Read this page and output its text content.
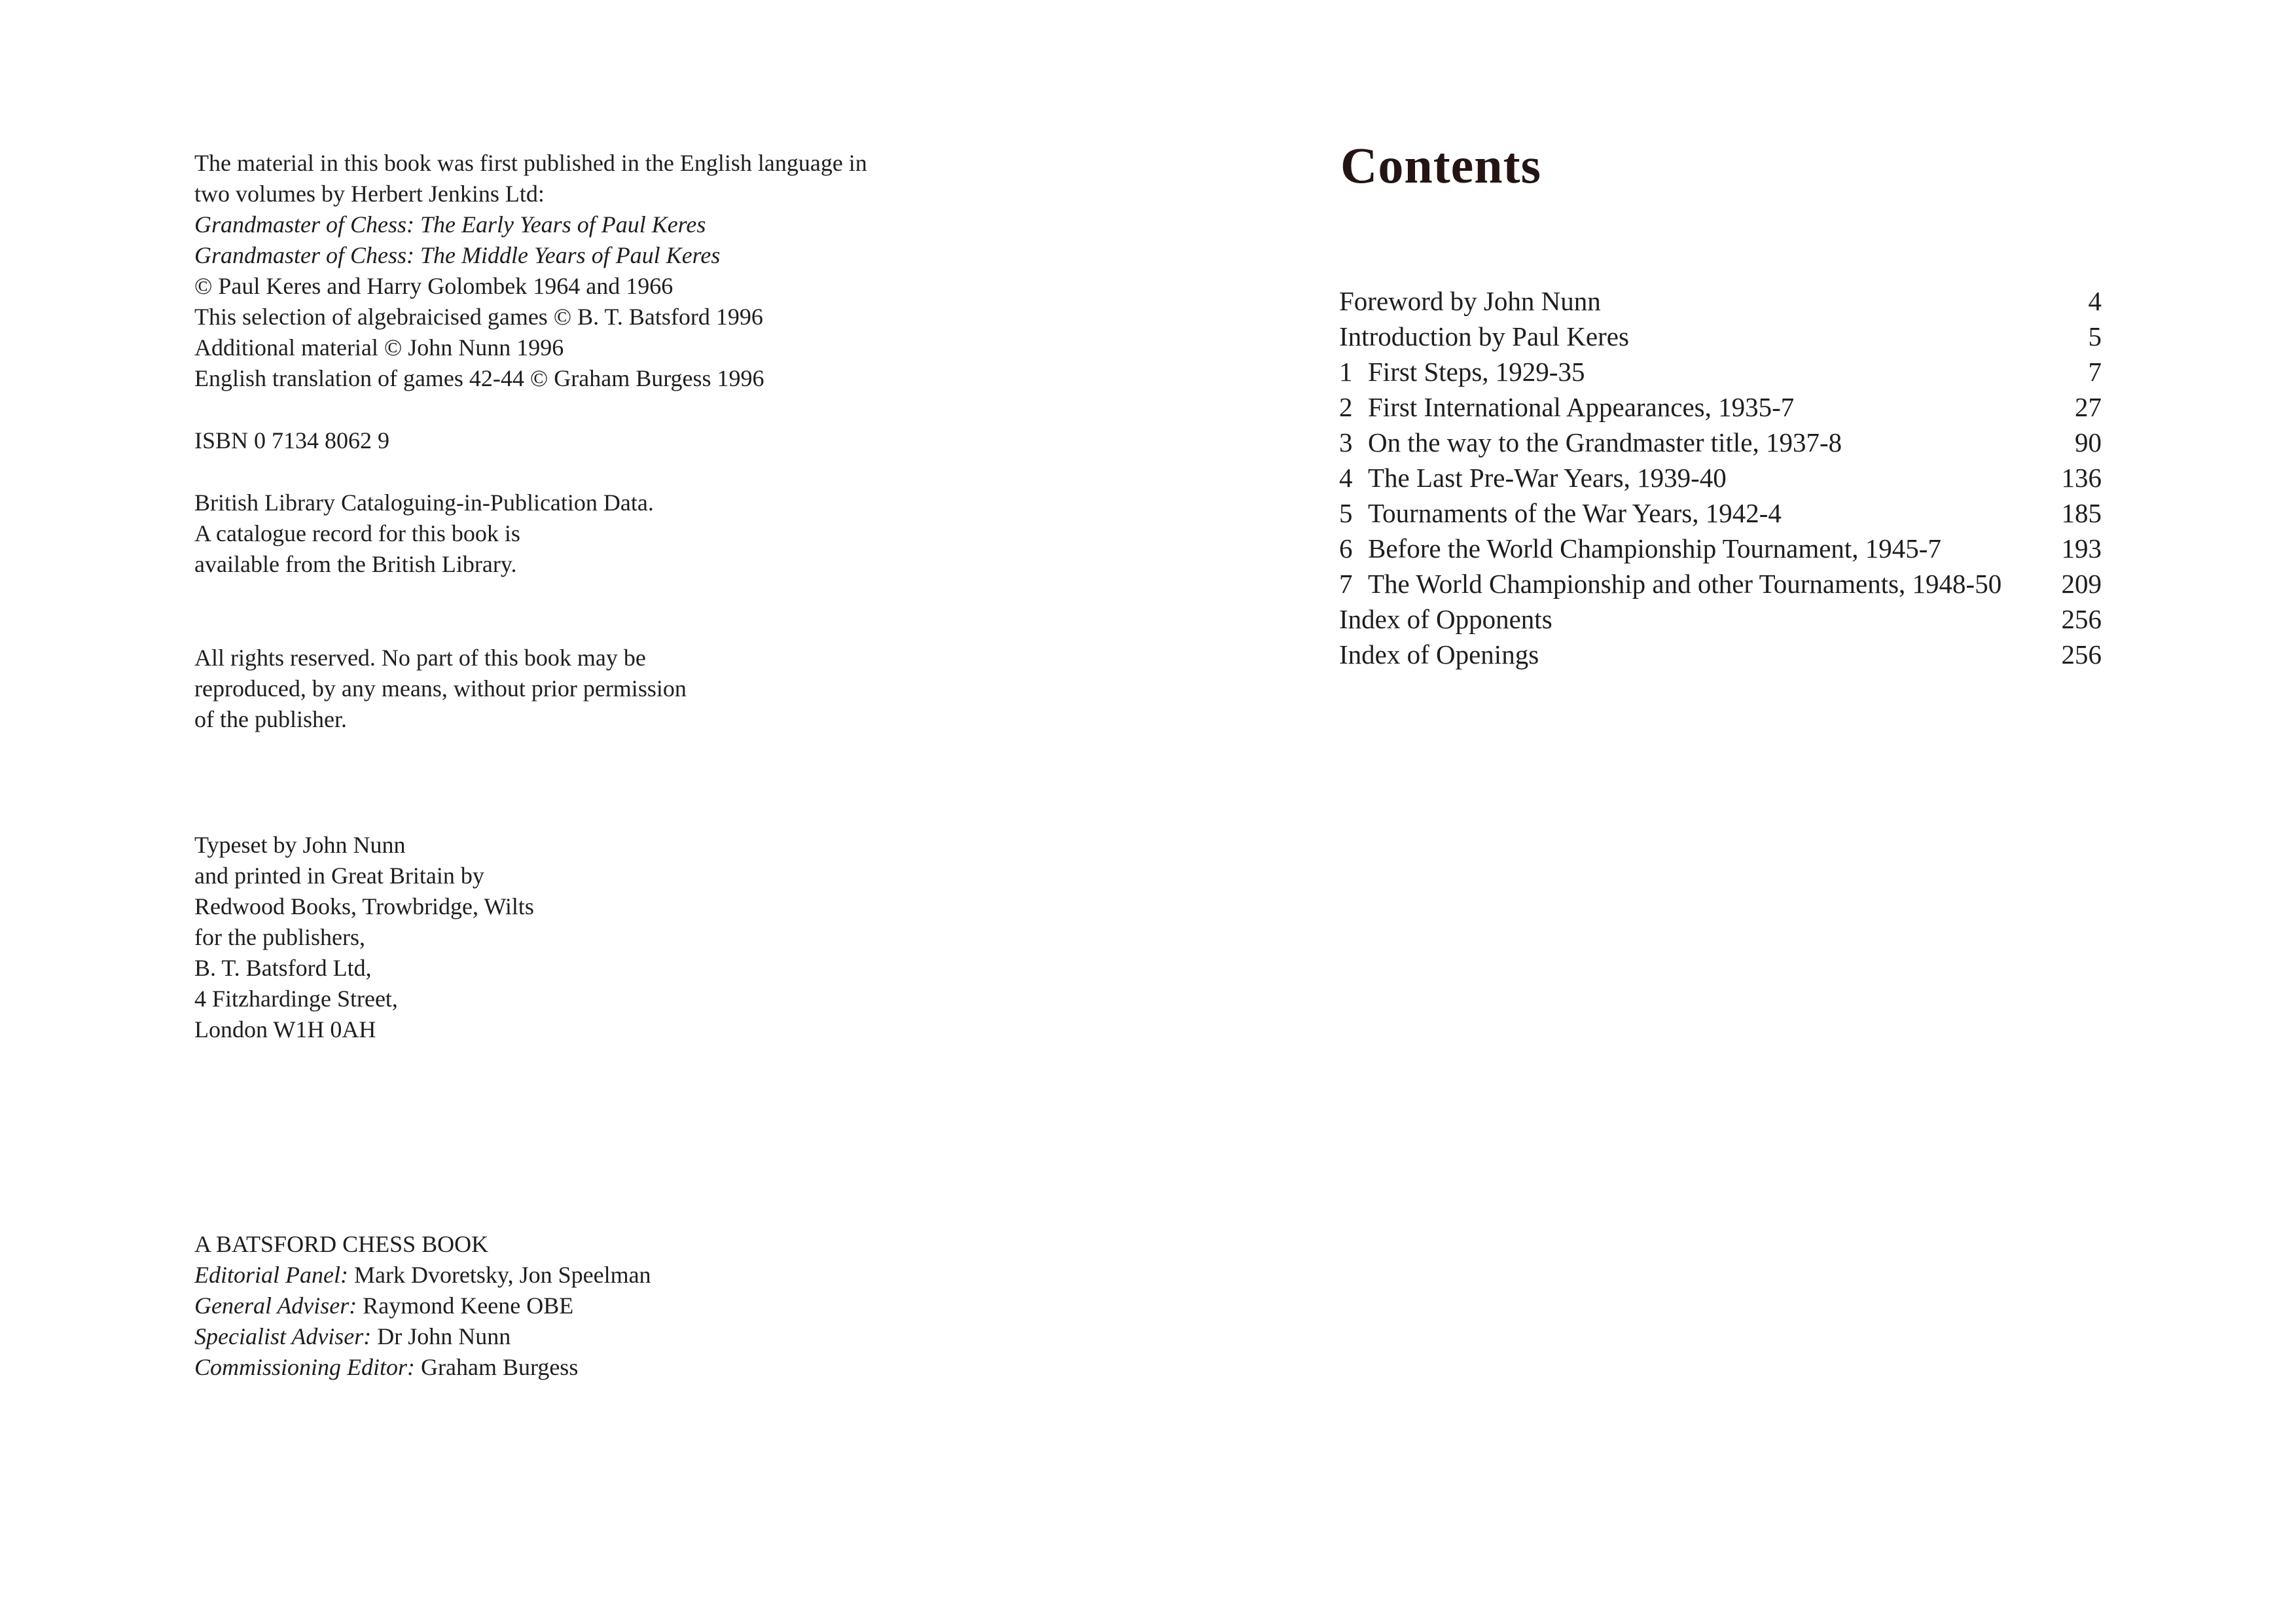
The material in this book was first published in the English language in
two volumes by Herbert Jenkins Ltd:
Grandmaster of Chess: The Early Years of Paul Keres
Grandmaster of Chess: The Middle Years of Paul Keres
© Paul Keres and Harry Golombek 1964 and 1966
This selection of algebraicised games © B. T. Batsford 1996
Additional material © John Nunn 1996
English translation of games 42-44 © Graham Burgess 1996
ISBN 0 7134 8062 9
British Library Cataloguing-in-Publication Data.
A catalogue record for this book is
available from the British Library.
All rights reserved. No part of this book may be
reproduced, by any means, without prior permission
of the publisher.
Typeset by John Nunn
and printed in Great Britain by
Redwood Books, Trowbridge, Wilts
for the publishers,
B. T. Batsford Ltd,
4 Fitzhardinge Street,
London W1H 0AH
A BATSFORD CHESS BOOK
Editorial Panel: Mark Dvoretsky, Jon Speelman
General Adviser: Raymond Keene OBE
Specialist Adviser: Dr John Nunn
Commissioning Editor: Graham Burgess
Contents
Foreword by John Nunn	4
Introduction by Paul Keres	5
1 First Steps, 1929-35	7
2 First International Appearances, 1935-7	27
3 On the way to the Grandmaster title, 1937-8	90
4 The Last Pre-War Years, 1939-40	136
5 Tournaments of the War Years, 1942-4	185
6 Before the World Championship Tournament, 1945-7	193
7 The World Championship and other Tournaments, 1948-50 209
Index of Opponents	256
Index of Openings	256
